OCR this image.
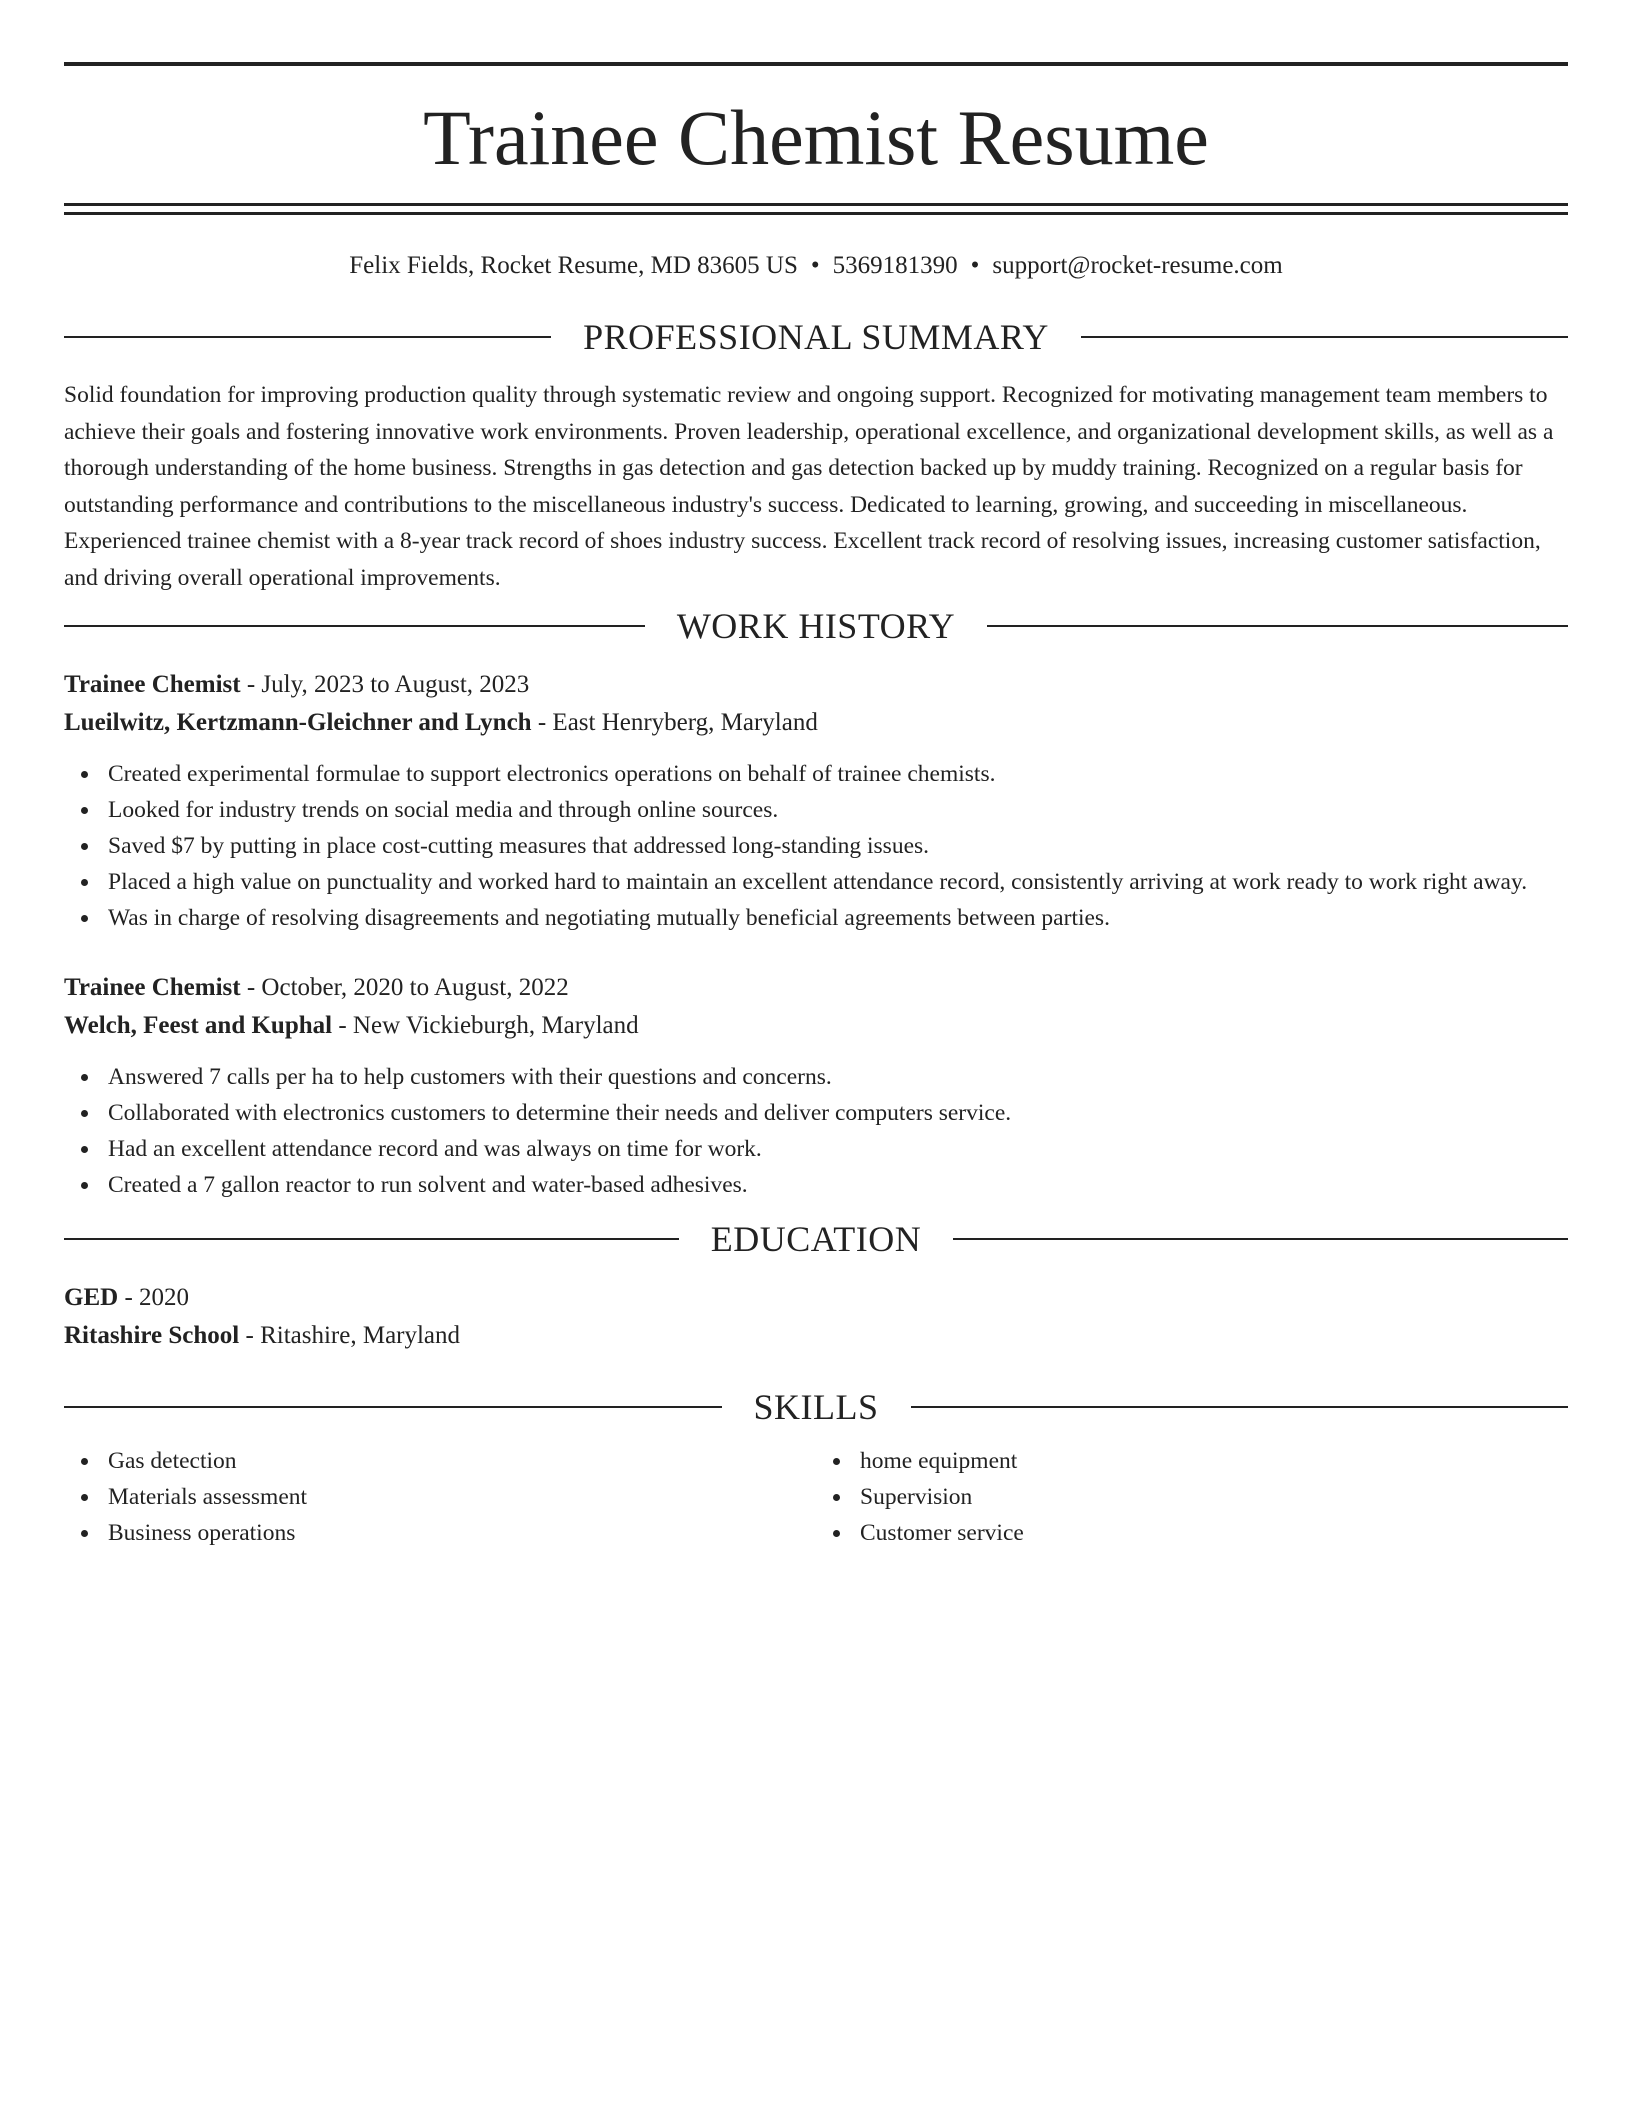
Trainee Chemist Resume
Felix Fields, Rocket Resume, MD 83605 US • 5369181390 • support@rocket-resume.com
PROFESSIONAL SUMMARY

Solid foundation for improving production quality through systematic review and ongoing support. Recognized for motivating management team members to achieve their goals and fostering innovative work environments. Proven leadership, operational excellence, and organizational development skills, as well as a thorough understanding of the home business. Strengths in gas detection and gas detection backed up by muddy training. Recognized on a regular basis for outstanding performance and contributions to the miscellaneous industry's success. Dedicated to learning, growing, and succeeding in miscellaneous. Experienced trainee chemist with a 8-year track record of shoes industry success. Excellent track record of resolving issues, increasing customer satisfaction, and driving overall operational improvements.

WORK HISTORY
Trainee Chemist - July, 2023 to August, 2023
Lueilwitz, Kertzmann-Gleichner and Lynch - East Henryberg, Maryland
Created experimental formulae to support electronics operations on behalf of trainee chemists.
Looked for industry trends on social media and through online sources.
Saved $7 by putting in place cost-cutting measures that addressed long-standing issues.
Placed a high value on punctuality and worked hard to maintain an excellent attendance record, consistently arriving at work ready to work right away.
Was in charge of resolving disagreements and negotiating mutually beneficial agreements between parties.
Trainee Chemist - October, 2020 to August, 2022
Welch, Feest and Kuphal - New Vickieburgh, Maryland
Answered 7 calls per ha to help customers with their questions and concerns.
Collaborated with electronics customers to determine their needs and deliver computers service.
Had an excellent attendance record and was always on time for work.
Created a 7 gallon reactor to run solvent and water-based adhesives.
EDUCATION
GED - 2020
Ritashire School - Ritashire, Maryland
SKILLS
Gas detection
Materials assessment
Business operations
home equipment
Supervision
Customer service
